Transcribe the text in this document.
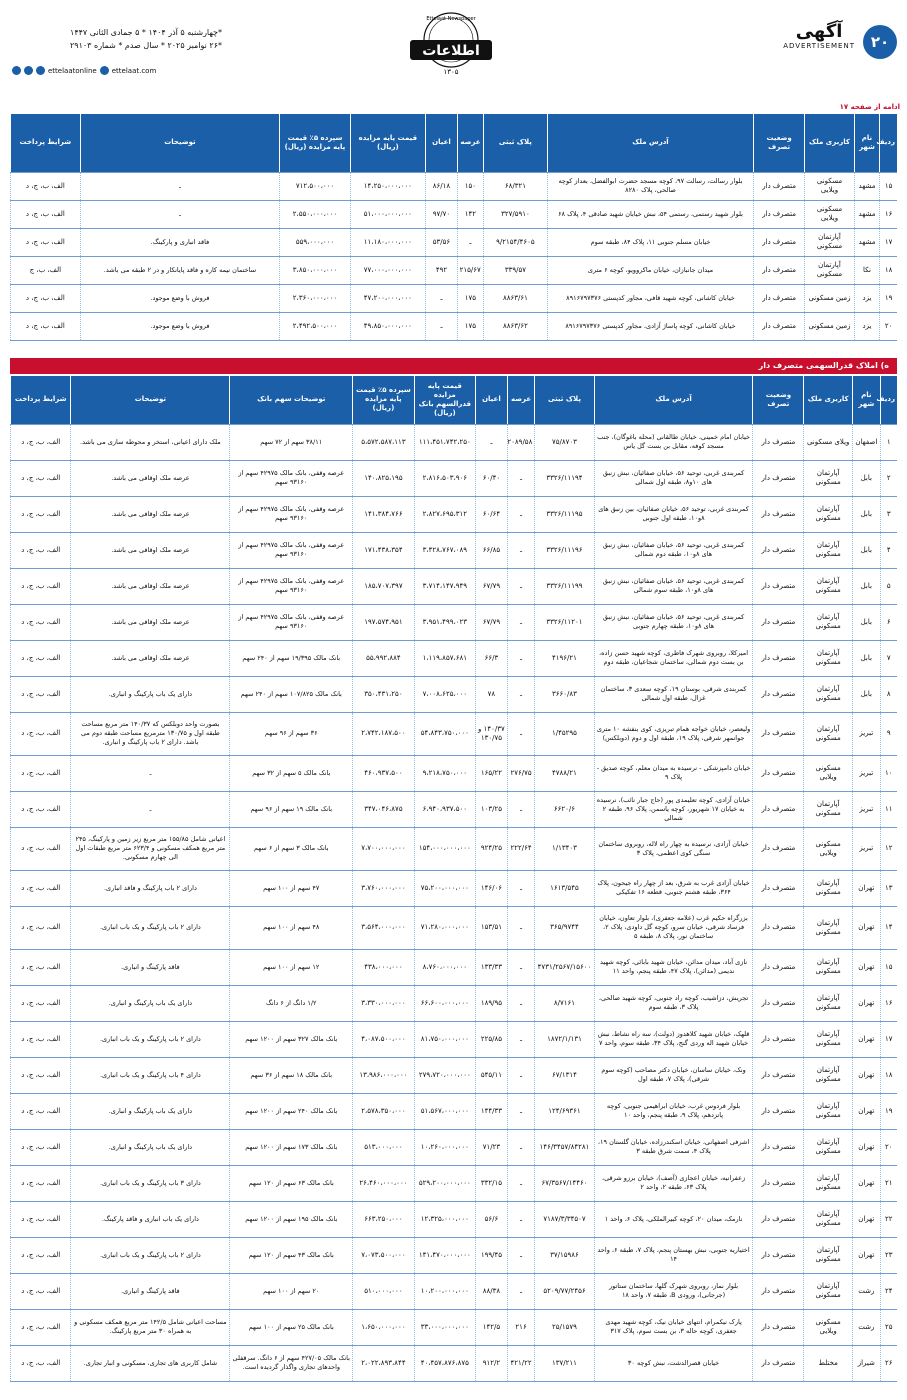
۲۰
آگهی
ADVERTISEMENT
Ettelaat Newspaper
اطلاعات
۱۳۰۵
*چهارشنبه ۵ آذر ۱۴۰۴ * ۵ جمادی الثانی ۱۴۴۷
*۲۶ نوامبر ۲۰۲۵ * سال صدم * شماره ۲۹۱۰۳
ettelaatonline ettelaat.com
ادامه از صفحه ۱۷
ردیف	نام شهر	کاربری ملک	وضعیت تصرف	آدرس ملک	پلاک ثبتی	عرصه	اعیان	قیمت پایه مزایده (ریال)	سپرده ۵٪ قیمت پایه مزایده (ریال)	توضیحات	شرایط پرداخت
۱۵	مشهد	مسکونی ویلایی	متصرف دار	بلوار رسالت، رسالت ۹۷، کوچه مسجد حضرت ابوالفضل، بعداز کوچه صالحی، پلاک ۸۲۸۰	۶۸/۳۲۱	۱۵۰	۸۶/۱۸	۱۴،۲۵۰،۰۰۰،۰۰۰	۷۱۲،۵۰۰،۰۰۰	ـ	الف، ب، ج، د
۱۶	مشهد	مسکونی ویلایی	متصرف دار	بلوار شهید رستمی، رستمی ۵۴، نبش خیابان شهید صادقی ۴، پلاک ۶۸	۳۲۷/۵۹۱۰	۱۴۲	۹۷/۷۰	۵۱،۰۰۰،۰۰۰،۰۰۰	۲،۵۵۰،۰۰۰،۰۰۰	ـ	الف، ب، ج، د
۱۷	مشهد	آپارتمان مسکونی	متصرف دار	خیابان مسلم جنوبی ۱۱، پلاک ۸۴، طبقه سوم	۹/۲۱۵۴/۴۶۰۵	ـ	۵۳/۵۶	۱۱،۱۸۰،۰۰۰،۰۰۰	۵۵۹،۰۰۰،۰۰۰	فاقد انباری و پارکینگ.	الف، ب، ج، د
۱۸	نکا	آپارتمان مسکونی	متصرف دار	میدان جانبازان، خیابان ماکروویو، کوچه ۶ متری	۳۳۹/۵۷	۲۱۵/۶۷	۴۹۲	۷۷،۰۰۰،۰۰۰،۰۰۰	۳،۸۵۰،۰۰۰،۰۰۰	ساختمان نیمه کاره و فاقد پایانکار و در ۲ طبقه می باشد.	الف، ب، ج
۱۹	یزد	زمین مسکونی	متصرف دار	خیابان کاشانی، کوچه شهید قافی، مجاور کدپستی ۸۹۱۶۷۹۷۳۷۶	۸۸۶۳/۶۱	۱۷۵	ـ	۴۷،۲۰۰،۰۰۰،۰۰۰	۲،۳۶۰،۰۰۰،۰۰۰	فروش با وضع موجود.	الف، ب، ج، د
۲۰	یزد	زمین مسکونی	متصرف دار	خیابان کاشانی، کوچه پاساژ آزادی، مجاور کدپستی ۸۹۱۶۷۹۷۳۷۶	۸۸۶۳/۶۲	۱۷۵	ـ	۴۹،۸۵۰،۰۰۰،۰۰۰	۲،۴۹۲،۵۰۰،۰۰۰	فروش با وضع موجود.	الف، ب، ج، د
ه) املاک قدرالسهمی متصرف دار
ردیف	نام شهر	کاربری ملک	وضعیت تصرف	آدرس ملک	پلاک ثبتی	عرصه	اعیان	قیمت پایه مزایده قدرالسهم بانک (ریال)	سپرده ۵٪ قیمت پایه مزایده (ریال)	توضیحات سهم بانک	توضیحات	شرایط پرداخت
۱	اصفهان	ویلای مسکونی	متصرف دار	خیابان امام خمینی، خیابان طالقانی (محله باغوگان)، جنب مسجد کوفه، مقابل بن بست گل یاس	۷۵/۸۷۰۳	۲۰۸۹/۵۸	ـ	۱۱۱،۴۵۱،۷۴۲،۲۵۰	۵،۵۷۲،۵۸۷،۱۱۳	۳۸/۱۱ سهم از ۷۲ سهم	ملک دارای اعیانی، استخر و محوطه سازی می باشد.	الف، ب، ج، د
۲	بابل	آپارتمان مسکونی	متصرف دار	کمربندی غربی، توحید ۵۶، خیابان صفائیان، نبش زنبق های ۱۰و۸، طبقه اول شمالی	۳۳۲۶/۱۱۱۹۴	ـ	۶۰/۴۰	۲،۸۱۶،۵۰۳،۹۰۶	۱۴۰،۸۲۵،۱۹۵	عرصه وقفی، بانک مالک ۴۲۹۷۵ سهم از ۹۳۱۶۰ سهم	عرصه ملک اوقافی می باشد.	الف، ب، ج، د
۳	بابل	آپارتمان مسکونی	متصرف دار	کمربندی غربی، توحید ۵۶، خیابان صفائیان، بین زنبق های ۸و۱۰، طبقه اول جنوبی	۳۳۲۶/۱۱۱۹۵	ـ	۶۰/۶۴	۲،۸۲۷،۶۹۵،۳۱۲	۱۴۱،۳۸۴،۷۶۶	عرصه وقفی، بانک مالک ۴۲۹۷۵ سهم از ۹۳۱۶۰ سهم	عرصه ملک اوقافی می باشد.	الف، ب، ج، د
۴	بابل	آپارتمان مسکونی	متصرف دار	کمربندی غربی، توحید ۵۶، خیابان صفائیان، نبش زنبق های ۸و۱۰، طبقه دوم شمالی	۳۳۲۶/۱۱۱۹۶	ـ	۶۶/۸۵	۳،۴۲۸،۷۶۷،۰۸۹	۱۷۱،۴۳۸،۳۵۴	عرصه وقفی، بانک مالک ۴۲۹۷۵ سهم از ۹۳۱۶۰ سهم	عرصه ملک اوقافی می باشد.	الف، ب، ج، د
۵	بابل	آپارتمان مسکونی	متصرف دار	کمربندی غربی، توحید ۵۶، خیابان صفائیان، نبش زنبق های ۸و۱۰، طبقه سوم شمالی	۳۳۲۶/۱۱۱۹۹	ـ	۶۷/۷۹	۳،۷۱۴،۱۴۷،۹۴۹	۱۸۵،۷۰۷،۳۹۷	عرصه وقفی، بانک مالک ۴۲۹۷۵ سهم از ۹۳۱۶۰ سهم	عرصه ملک اوقافی می باشد.	الف، ب، ج، د
۶	بابل	آپارتمان مسکونی	متصرف دار	کمربندی غربی، توحید ۵۶، خیابان صفائیان، نبش زنبق های ۸و۱۰، طبقه چهارم جنوبی	۳۳۲۶/۱۱۲۰۱	ـ	۶۷/۷۹	۳،۹۵۱،۴۹۹،۰۲۳	۱۹۷،۵۷۴،۹۵۱	عرصه وقفی، بانک مالک ۴۲۹۷۵ سهم از ۹۳۱۶۰ سهم	عرصه ملک اوقافی می باشد.	الف، ب، ج، د
۷	بابل	آپارتمان مسکونی	متصرف دار	امیرکلا، روبروی شهرک فاطری، کوچه شهید حسن زاده، بن بست دوم شمالی، ساختمان شجاعیان، طبقه دوم	۴۱۹۶/۲۱	ـ	۶۶/۳	۱،۱۱۹،۸۵۷،۶۸۱	۵۵،۹۹۲،۸۸۴	بانک مالک ۱۹/۳۹۵ سهم از ۲۴۰ سهم	عرصه ملک اوقافی می باشد.	الف، ب، ج، د
۸	بابل	آپارتمان مسکونی	متصرف دار	کمربندی شرقی، بوستان ۱۹، کوچه سعدی ۳، ساختمان غزال، طبقه اول شمالی	۳۶۶۰/۸۳	ـ	۷۸	۷،۰۰۸،۶۲۵،۰۰۰	۳۵۰،۴۳۱،۲۵۰	بانک مالک ۱۰۷/۸۲۵ سهم از ۲۴۰ سهم	دارای یک باب پارکینگ و انباری.	الف، ب، ج، د
۹	تبریز	آپارتمان مسکونی	متصرف دار	ولیعصر، خیابان خواجه همام تبریزی، کوی بنفشه ۱۰ متری جوانمهر شرقی، پلاک ۱۹، طبقه اول و دوم (دوبلکس)	۱/۴۵۲۹۵	ـ	۱۴۰/۳۷ و ۱۳۰/۷۵	۵۴،۸۴۳،۷۵۰،۰۰۰	۲،۷۴۲،۱۸۷،۵۰۰	۳۶ سهم از ۹۶ سهم	بصورت واحد دوبلکس که ۱۴۰/۳۷ متر مربع مساحت طبقه اول و ۱۳۰/۷۵ مترمربع مساحت طبقه دوم می باشد. دارای ۲ باب پارکینگ و انباری.	الف، ب، ج، د
۱۰	تبریز	مسکونی ویلایی	متصرف دار	خیابان دامپزشکی - نرسیده به میدان معلم، کوچه صدیق - پلاک ۹	۴۷۸۸/۲۱	۲۷۶/۷۵	۱۶۵/۲۲	۹،۲۱۸،۷۵۰،۰۰۰	۴۶۰،۹۳۷،۵۰۰	بانک مالک ۵ سهم از ۳۲ سهم	ـ	الف، ب، ج، د
۱۱	تبریز	آپارتمان مسکونی	متصرف دار	خیابان آزادی، کوچه تعلیمدی پور (حاج جبار نائب)، نرسیده به خیابان ۱۷ شهریور، کوچه یاسمن، پلاک ۹۶، طبقه ۲ شمالی	۶۶۲۰/۶	ـ	۱۰۳/۲۵	۶،۹۴۰،۹۳۷،۵۰۰	۳۴۷،۰۴۶،۸۷۵	بانک مالک ۱۹ سهم از ۹۶ سهم	ـ	الف، ب، ج، د
۱۲	تبریز	مسکونی ویلایی	متصرف دار	خیابان آزادی، نرسیده به چهار راه لاله، روبروی ساختمان سنگی کوی اعظمی، پلاک ۳	۱/۱۳۴۰۳	۲۲۲/۶۴	۹۲۴/۲۵	۱۵۴،۰۰۰،۰۰۰،۰۰۰	۷،۷۰۰،۰۰۰،۰۰۰	بانک مالک ۳ سهم از ۶ سهم	اعیانی شامل ۱۵۵/۸۵ متر مربع زیر زمین و پارکینگ، ۲۴۵ متر مربع همکف مسکونی و ۶۲۳/۴ متر مربع طبقات اول الی چهارم مسکونی.	الف، ب، ج، د
۱۳	تهران	آپارتمان مسکونی	متصرف دار	خیابان آزادی غرب به شرق، بعد از چهار راه جیحون، پلاک ۳۶۴، طبقه هشتم جنوبی، قطعه ۱۶ تفکیکی	۱۶۱۳/۵۴۵	ـ	۱۴۶/۰۶	۷۵،۲۰۰،۰۰۰،۰۰۰	۳،۷۶۰،۰۰۰،۰۰۰	۴۷ سهم از ۱۰۰ سهم	دارای ۲ باب پارکینگ و فاقد انباری.	الف، ب، ج، د
۱۴	تهران	آپارتمان مسکونی	متصرف دار	بزرگراه حکیم غرب (علامه جعفری)، بلوار تعاون، خیابان فرساد شرقی، خیابان سرو، کوچه گل داودی، پلاک ۲، ساختمان نور، پلاک ۸، طبقه ۵	۳۶۵/۹۷۴۴	ـ	۱۵۳/۵۱	۷۱،۲۸۰،۰۰۰،۰۰۰	۳،۵۶۴،۰۰۰،۰۰۰	۴۸ سهم از ۱۰۰ سهم	دارای ۲ باب پارکینگ و یک باب انباری.	الف، ب، ج، د
۱۵	تهران	آپارتمان مسکونی	متصرف دار	نازی آباد، میدان مدائن، خیابان شهید بابائی، کوچه شهید ندیمی (مدائن)، پلاک ۴۷، طبقه پنجم، واحد ۱۱	۴۷۳۱/۲۵۶۷/۱۵۶۰۰	ـ	۱۳۳/۳۳	۸،۷۶۰،۰۰۰،۰۰۰	۴۳۸،۰۰۰،۰۰۰	۱۲ سهم از ۱۰۰ سهم	فاقد پارکینگ و انباری.	الف، ب، ج، د
۱۶	تهران	آپارتمان مسکونی	متصرف دار	تجریش، دزاشیب، کوچه راد جنوبی، کوچه شهید صالحی، پلاک ۳، طبقه سوم	۸/۷۱۶۱	ـ	۱۸۹/۹۵	۶۶،۶۰۰،۰۰۰،۰۰۰	۳،۳۳۰،۰۰۰،۰۰۰	۱/۲ دانگ از ۶ دانگ	دارای یک باب پارکینگ و انباری.	الف، ب، ج، د
۱۷	تهران	آپارتمان مسکونی	متصرف دار	قلهک، خیابان شهید کلاهدوز (دولت)، سه راه نشاط، نبش خیابان شهید اله وردی گنج، پلاک ۳۴، طبقه سوم، واحد ۷	۱۸۷۲/۱/۱۳۱	ـ	۲۲۵/۸۵	۸۱،۷۵۰،۰۰۰،۰۰۰	۴،۰۸۷،۵۰۰،۰۰۰	بانک مالک ۳۲۷ سهم از ۱۲۰۰ سهم	دارای ۲ باب پارکینگ و یک باب انباری.	الف، ب، ج، د
۱۸	تهران	آپارتمان مسکونی	متصرف دار	ونک، خیابان ساسان، خیابان دکتر مصاحب (کوچه سوم شرقی)، پلاک ۷، طبقه اول	۶۷/۱۳۱۴	ـ	۵۴۵/۱۱	۲۷۹،۷۲۰،۰۰۰،۰۰۰	۱۳،۹۸۶،۰۰۰،۰۰۰	بانک مالک ۱۸ سهم از ۳۶ سهم	دارای ۴ باب پارکینگ و یک باب انباری.	الف، ب، ج، د
۱۹	تهران	آپارتمان مسکونی	متصرف دار	بلوار فردوس غرب، خیابان ابراهیمی جنوبی، کوچه پانزدهم، پلاک ۹، طبقه پنجم، واحد ۱۰	۱۲۴/۶۹۳۶۱	ـ	۱۴۴/۳۳	۵۱،۵۶۷،۰۰۰،۰۰۰	۲،۵۷۸،۳۵۰،۰۰۰	بانک مالک ۲۴۰ سهم از ۱۲۰۰ سهم	دارای یک باب پارکینگ و انباری.	الف، ب، ج، د
۲۰	تهران	آپارتمان مسکونی	متصرف دار	اشرفی اصفهانی، خیابان اسکندرزاده، خیابان گلستان ۱۹، پلاک ۴، سمت شرق طبقه ۳	۱۴۶/۳۴۵۷/۸۴۲۸۱	ـ	۷۱/۲۳	۱۰،۲۶۰،۰۰۰،۰۰۰	۵۱۳،۰۰۰،۰۰۰	بانک مالک ۱۷۳ سهم از ۱۲۰۰ سهم	دارای یک باب پارکینگ و انباری.	الف، ب، ج، د
۲۱	تهران	آپارتمان مسکونی	متصرف دار	زعفرانیه، خیابان اعجازی (آصف)، خیابان برزو شرقی، پلاک ۶۳، طبقه ۲، واحد ۲	۶۷/۳۵۶۷/۱۴۴۶۰	ـ	۳۳۲/۱۵	۵۲۹،۲۰۰،۰۰۰،۰۰۰	۲۶،۴۶۰،۰۰۰،۰۰۰	بانک مالک ۶۳ سهم از ۱۲۰ سهم	دارای ۳ باب پارکینگ و یک باب انباری.	الف، ب، ج، د
۲۲	تهران	آپارتمان مسکونی	متصرف دار	نارمک، میدان ۲۰، کوچه کبیرالملکی، پلاک ۶، واحد ۱	۷۱۸۷/۳/۳۴۵۰۷	ـ	۵۶/۶	۱۲،۳۲۵،۰۰۰،۰۰۰	۶۶۳،۲۵۰،۰۰۰	بانک مالک ۱۹۵ سهم از ۱۲۰۰ سهم	دارای یک باب انباری و فاقد پارکینگ.	الف، ب، ج، د
۲۳	تهران	آپارتمان مسکونی	متصرف دار	اختیاریه جنوبی، نبش بهستان پنجم، پلاک ۷، طبقه ۶، واحد ۱۴	۳۷/۱۵۹۸۶	ـ	۱۹۹/۴۵	۱۴۱،۴۷۰،۰۰۰،۰۰۰	۷،۰۷۳،۵۰۰،۰۰۰	بانک مالک ۴۳ سهم از ۱۲۰ سهم	دارای ۲ باب پارکینگ و یک باب انباری.	الف، ب، ج، د
۲۴	رشت	آپارتمان مسکونی	متصرف دار	بلوار نماز، روبروی شهرک گلها، ساختمان ستاتور (جرجانی)، ورودی B، طبقه ۷، واحد ۱۸	۵۲۰۹/۷۷/۲۴۵۶	ـ	۸۸/۳۸	۱۰،۲۰۰،۰۰۰،۰۰۰	۵۱۰،۰۰۰،۰۰۰	۲۰ سهم از ۱۰۰ سهم	فاقد پارکینگ و انباری.	الف، ب، ج، د
۲۵	رشت	مسکونی ویلایی	متصرف دار	پارک نیکمرام، انتهای خیابان نیک، کوچه شهید مهدی جعفری، کوچه حاله ۳، بن بست سوم، پلاک ۳۱۷	۲۵/۱۵۷۹	۲۱۶	۱۴۲/۵	۳۳،۰۰۰،۰۰۰،۰۰۰	۱،۶۵۰،۰۰۰،۰۰۰	بانک مالک ۲۵ سهم از ۱۰۰ سهم	مساحت اعیانی شامل ۱۴۲/۵ متر مربع همکف مسکونی و به همراه ۳۰ متر مربع پارکینگ.	الف، ب، ج، د
۲۶	شیراز	مختلط	متصرف دار	خیابان قصرالدشت، نبش کوچه ۳۰	۱۳۷/۲۱۱	۴۲۱/۲۲	۹۱۲/۲	۴۰،۴۵۷،۸۷۶،۸۷۵	۲،۰۲۲،۸۹۳،۸۴۴	بانک مالک ۴۲۷/۰۵ سهم از ۶ دانگ. سرقفلی واحدهای تجاری واگذار گردیده است.	شامل کاربری های تجاری، مسکونی و انبار تجاری.	الف، ب، ج، د
